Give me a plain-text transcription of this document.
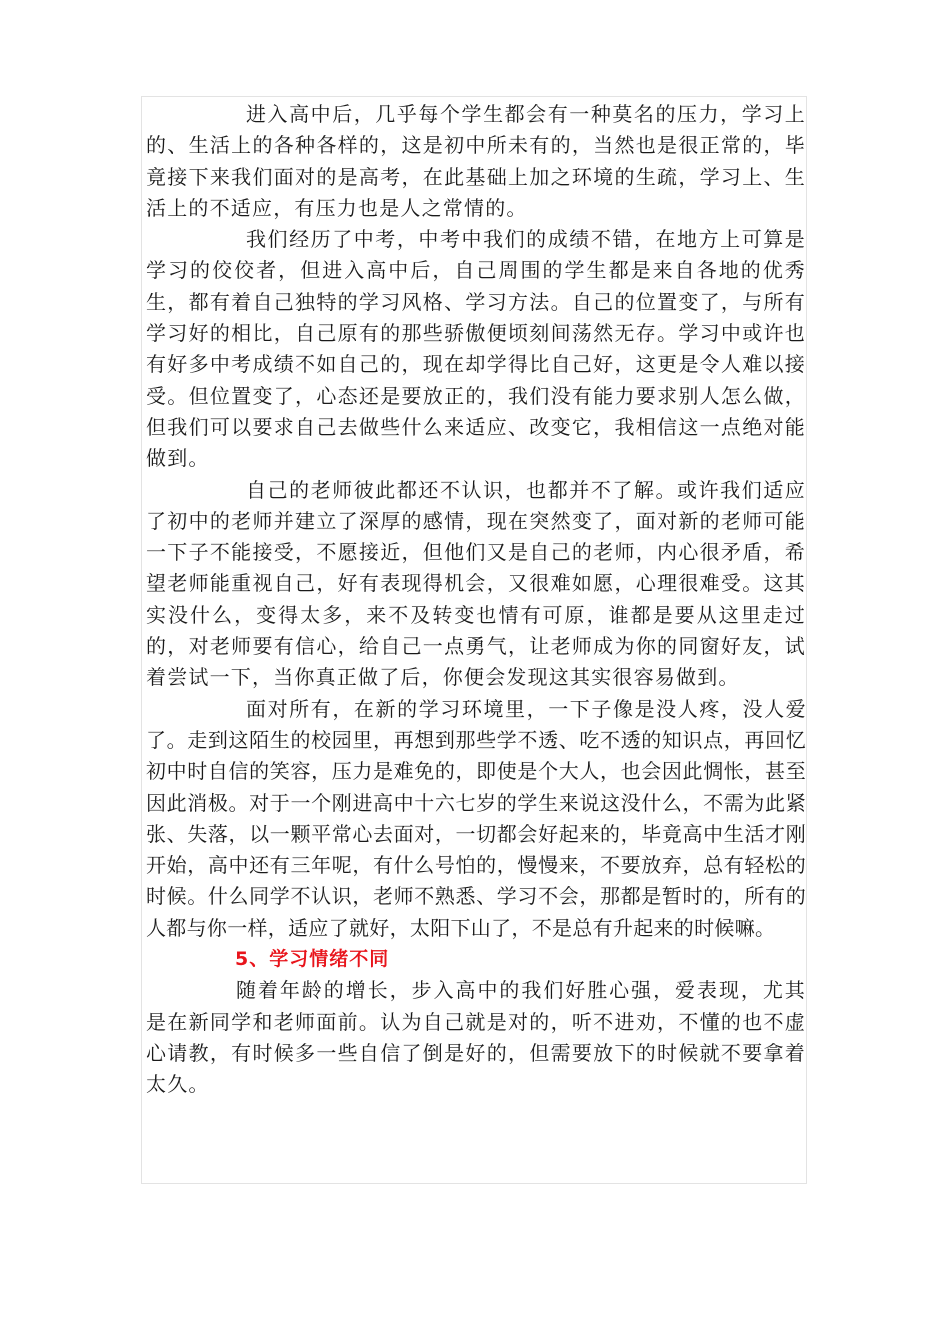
进入高中后，几乎每个学生都会有一种莫名的压力，学习上的、生活上的各种各样的，这是初中所未有的，当然也是很正常的，毕竟接下来我们面对的是高考，在此基础上加之环境的生疏，学习上、生活上的不适应，有压力也是人之常情的。

我们经历了中考，中考中我们的成绩不错，在地方上可算是学习的佼佼者，但进入高中后，自己周围的学生都是来自各地的优秀生，都有着自己独特的学习风格、学习方法。自己的位置变了，与所有学习好的相比，自己原有的那些骄傲便顷刻间荡然无存。学习中或许也有好多中考成绩不如自己的，现在却学得比自己好，这更是令人难以接受。但位置变了，心态还是要放正的，我们没有能力要求别人怎么做，但我们可以要求自己去做些什么来适应、改变它，我相信这一点绝对能做到。

自己的老师彼此都还不认识，也都并不了解。或许我们适应了初中的老师并建立了深厚的感情，现在突然变了，面对新的老师可能一下子不能接受，不愿接近，但他们又是自己的老师，内心很矛盾，希望老师能重视自己，好有表现得机会，又很难如愿，心理很难受。这其实没什么，变得太多，来不及转变也情有可原，谁都是要从这里走过的，对老师要有信心，给自己一点勇气，让老师成为你的同窗好友，试着尝试一下，当你真正做了后，你便会发现这其实很容易做到。

面对所有，在新的学习环境里，一下子像是没人疼，没人爱了。走到这陌生的校园里，再想到那些学不透、吃不透的知识点，再回忆初中时自信的笑容，压力是难免的，即使是个大人，也会因此惆怅，甚至因此消极。对于一个刚进高中十六七岁的学生来说这没什么，不需为此紧张、失落，以一颗平常心去面对，一切都会好起来的，毕竟高中生活才刚开始，高中还有三年呢，有什么号怕的，慢慢来，不要放弃，总有轻松的时候。什么同学不认识，老师不熟悉、学习不会，那都是暂时的，所有的人都与你一样，适应了就好，太阳下山了，不是总有升起来的时候嘛。

5、学习情绪不同

随着年龄的增长，步入高中的我们好胜心强，爱表现，尤其是在新同学和老师面前。认为自己就是对的，听不进劝，不懂的也不虚心请教，有时候多一些自信了倒是好的，但需要放下的时候就不要拿着太久。
